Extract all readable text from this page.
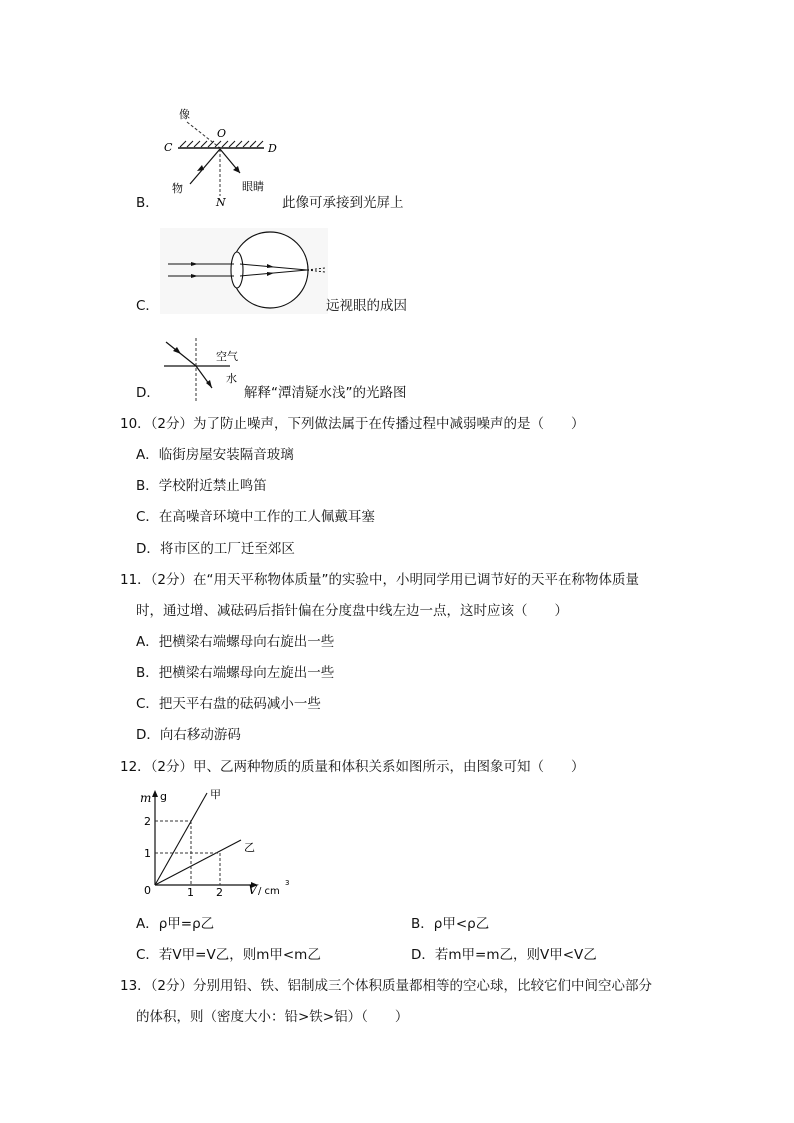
像
O
C	D
物	眼睛
N
B．	此像可承接到光屏上
C．	远视眼的成因
空气
水
D．	解释“潭清疑水浅”的光路图
10．（2分）为了防止噪声，下列做法属于在传播过程中减弱噪声的是（　　）
A．临街房屋安装隔音玻璃
B．学校附近禁止鸣笛
C．在高噪音环境中工作的工人佩戴耳塞
D．将市区的工厂迁至郊区
11．（2分）在“用天平称物体质量”的实验中，小明同学用已调节好的天平在称物体质量
时，通过增、减砝码后指针偏在分度盘中线左边一点，这时应该（　　）
A．把横梁右端螺母向右旋出一些
B．把横梁右端螺母向左旋出一些
C．把天平右盘的砝码减小一些
D．向右移动游码
12．（2分）甲、乙两种物质的质量和体积关系如图所示，由图象可知（　　）
m g
2
1
0	1 2 V / cm
3
甲
乙
A．ρ甲=ρ乙	B．ρ甲<ρ乙
C．若V甲=V乙，则m甲<m乙	D．若m甲=m乙，则V甲<V乙
13．（2分）分别用铅、铁、铝制成三个体积质量都相等的空心球，比较它们中间空心部分
的体积，则（密度大小：铅>铁>铝）（　　）
